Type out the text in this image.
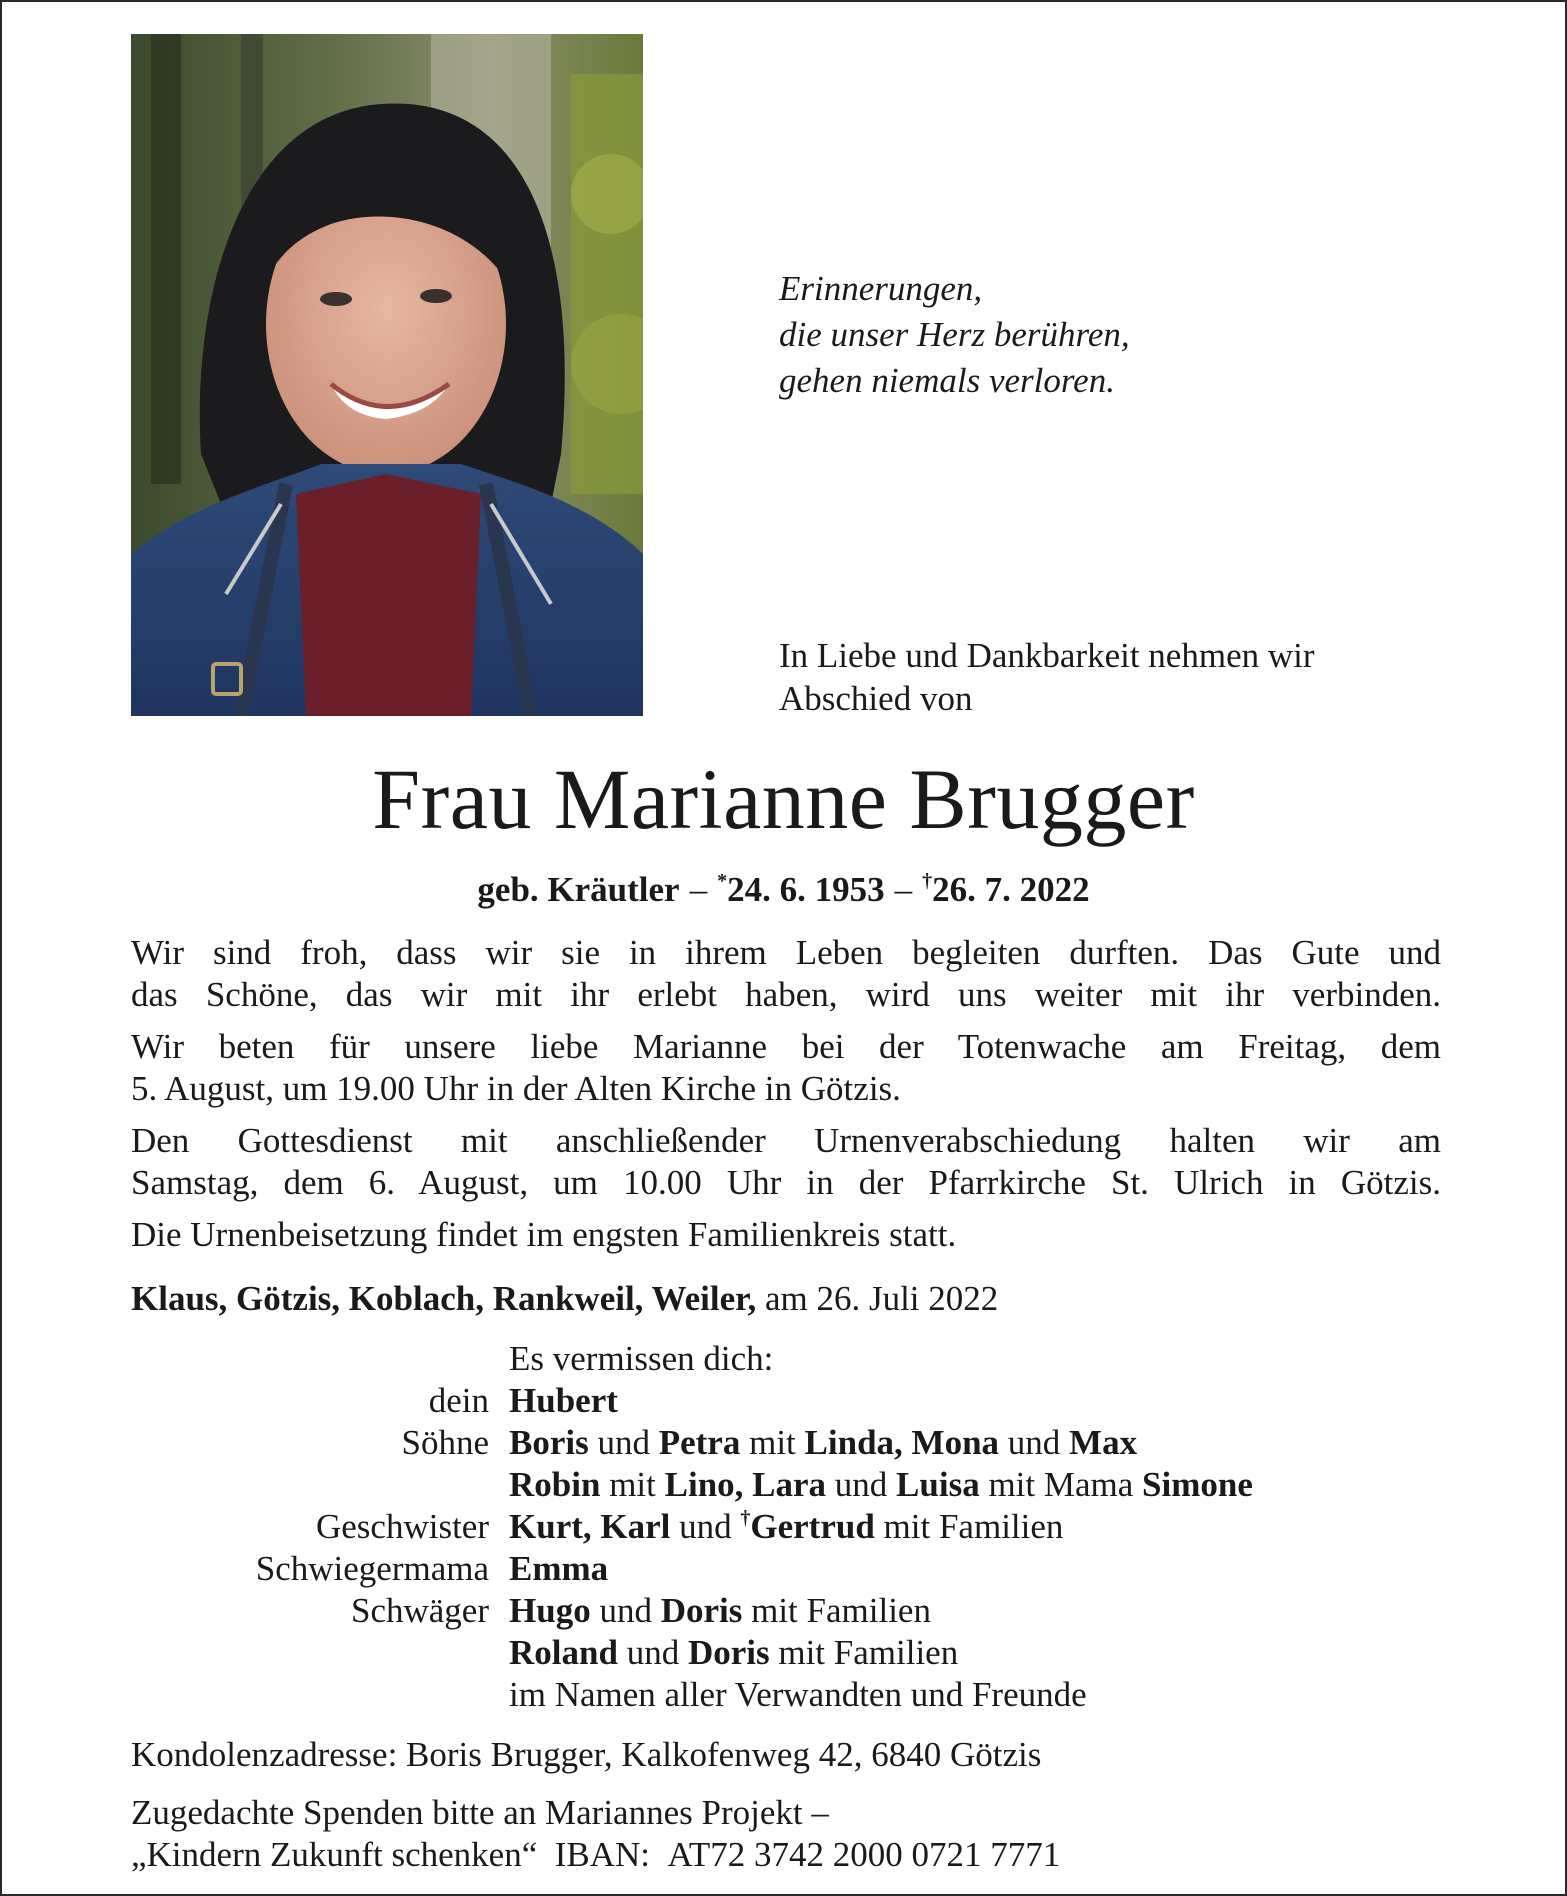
Erinnerungen,
die unser Herz berühren,
gehen niemals verloren.
In Liebe und Dankbarkeit nehmen wir
Abschied von
Frau Marianne Brugger
geb. Kräutler – *24. 6. 1953 – †26. 7. 2022
Wir sind froh, dass wir sie in ihrem Leben begleiten durften. Das Gute und
das Schöne, das wir mit ihr erlebt haben, wird uns weiter mit ihr verbinden.
Wir beten für unsere liebe Marianne bei der Totenwache am Freitag, dem
5. August, um 19.00 Uhr in der Alten Kirche in Götzis.
Den Gottesdienst mit anschließender Urnenverabschiedung halten wir am
Samstag, dem 6. August, um 10.00 Uhr in der Pfarrkirche St. Ulrich in Götzis.
Die Urnenbeisetzung findet im engsten Familienkreis statt.
Klaus, Götzis, Koblach, Rankweil, Weiler, am 26. Juli 2022
Es vermissen dich:
dein Hubert
Söhne Boris und Petra mit Linda, Mona und Max
Robin mit Lino, Lara und Luisa mit Mama Simone
Geschwister Kurt, Karl und †Gertrud mit Familien
Schwiegermama Emma
Schwäger Hugo und Doris mit Familien
Roland und Doris mit Familien
im Namen aller Verwandten und Freunde
Kondolenzadresse: Boris Brugger, Kalkofenweg 42, 6840 Götzis
Zugedachte Spenden bitte an Mariannes Projekt –
„Kindern Zukunft schenken“ IBAN: AT72 3742 2000 0721 7771
